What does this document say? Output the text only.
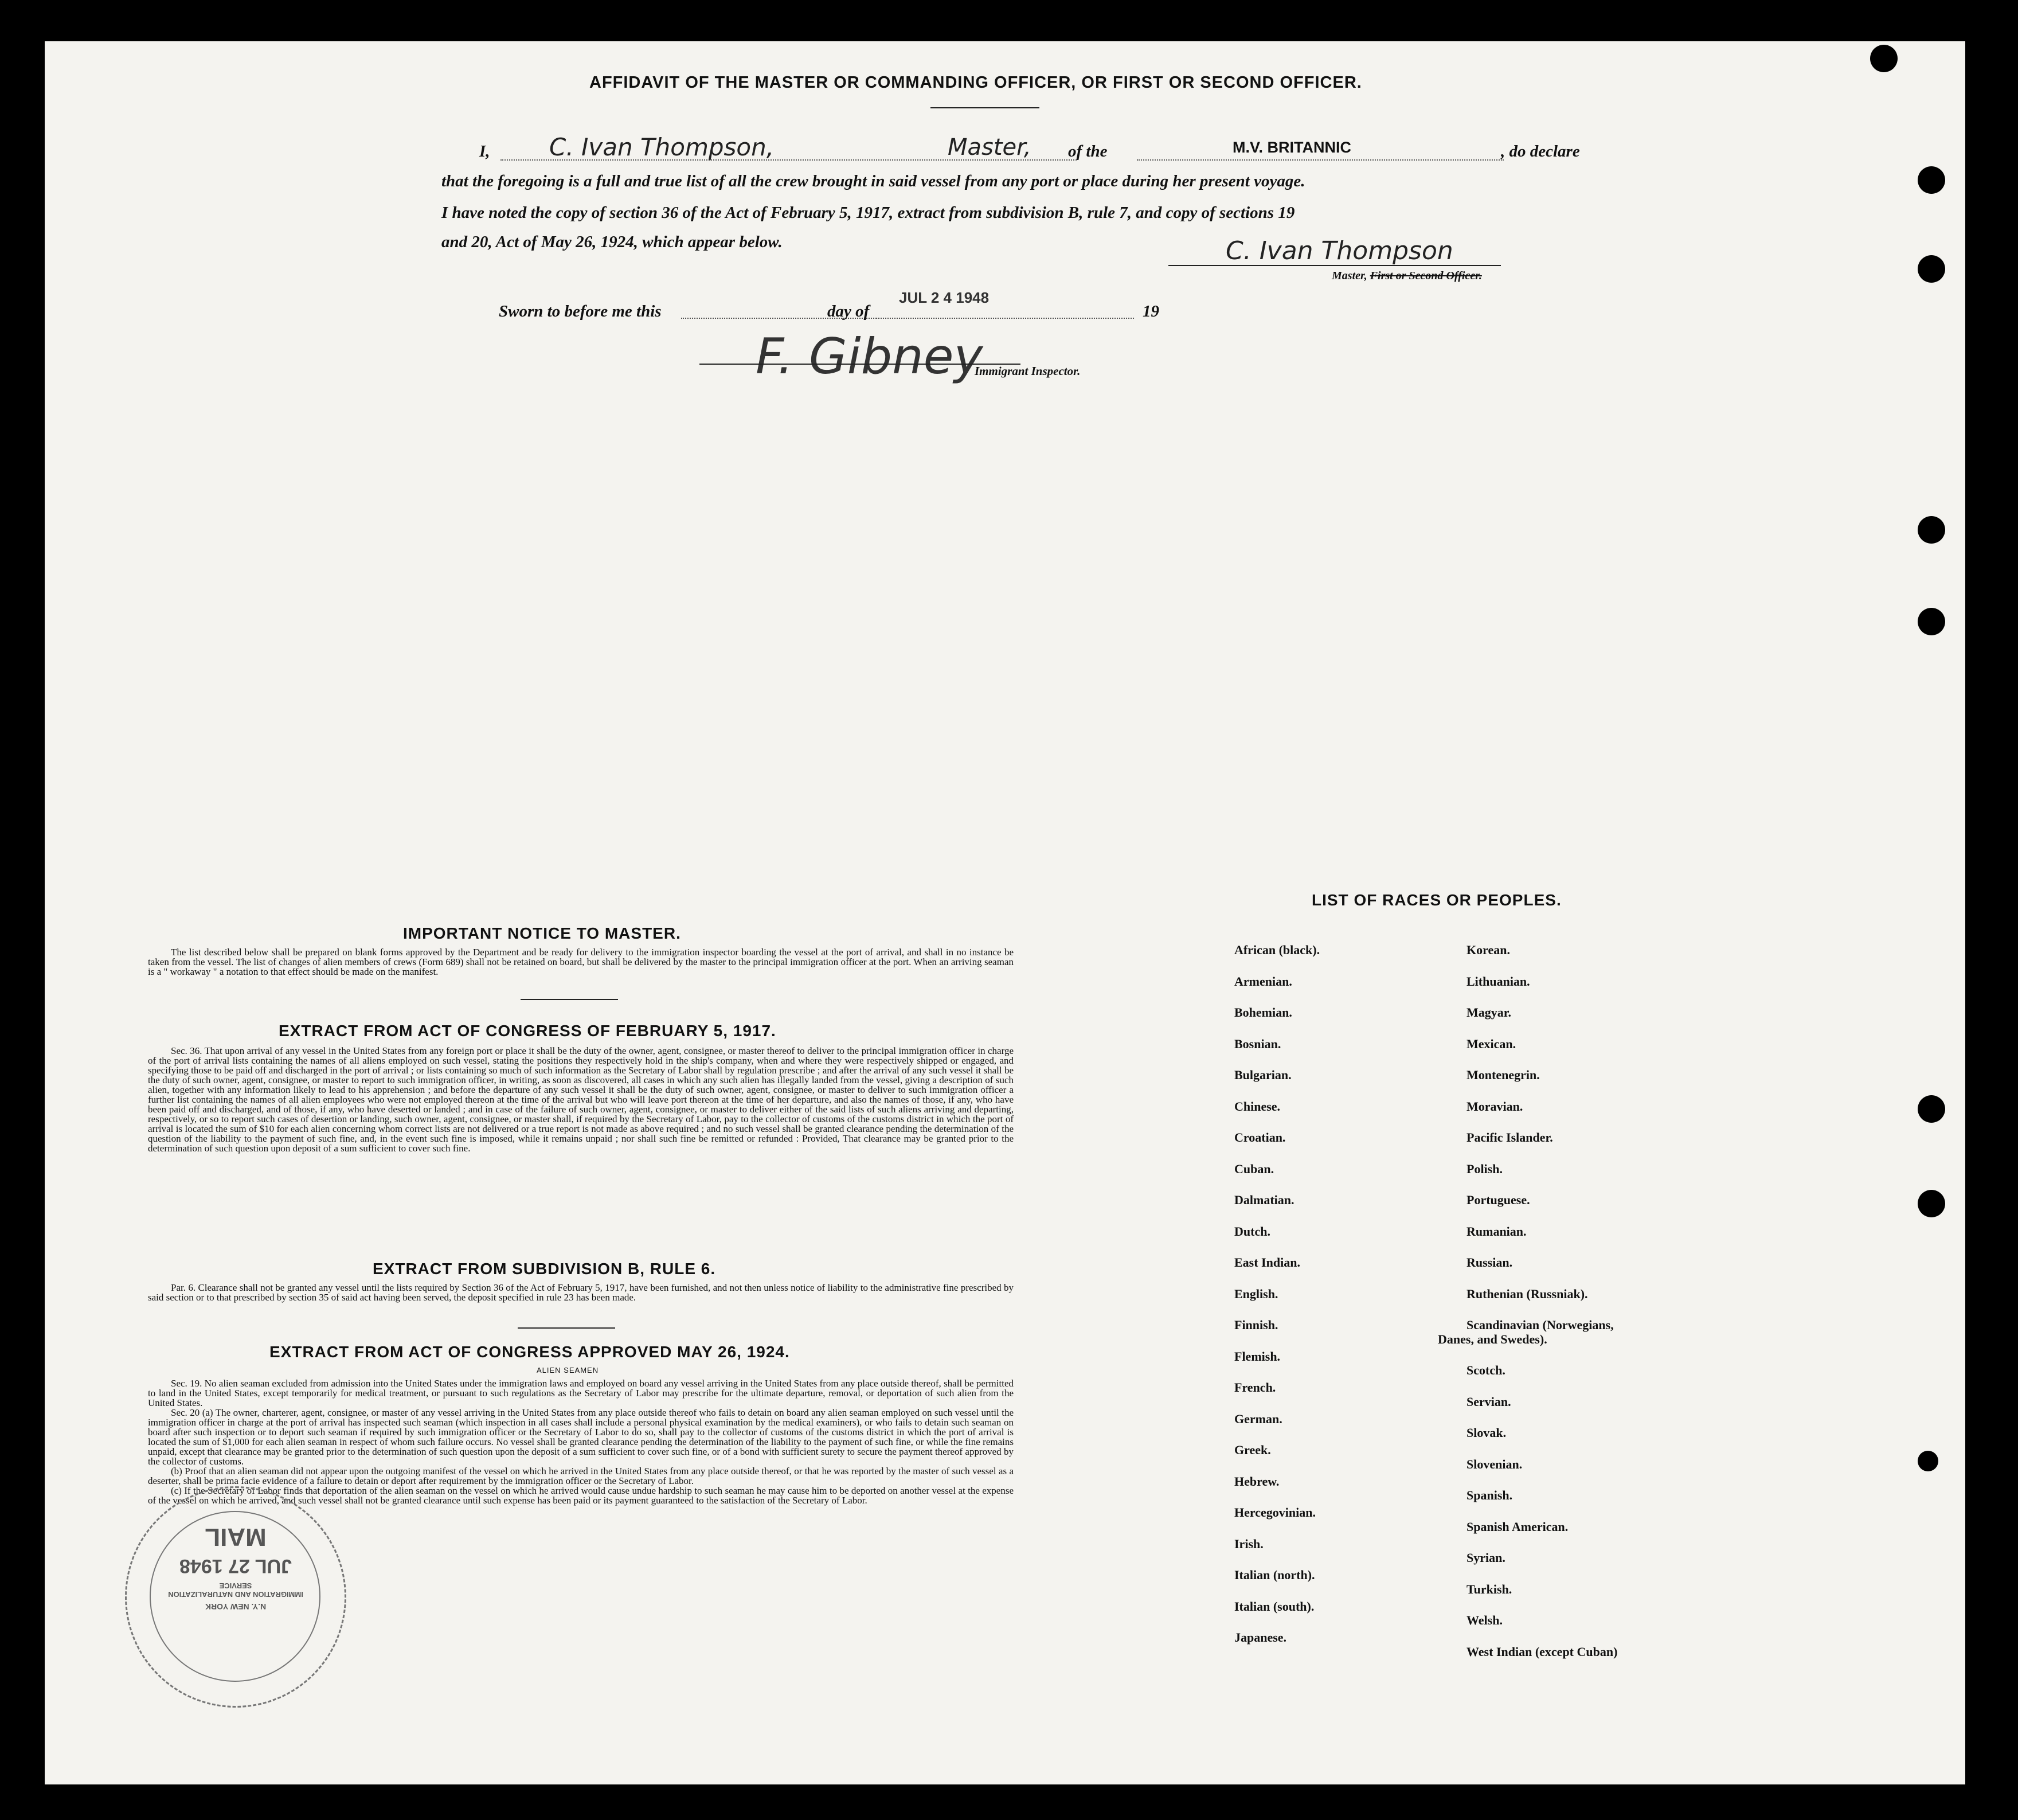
AFFIDAVIT OF THE MASTER OR COMMANDING OFFICER, OR FIRST OR SECOND OFFICER.
I, C. Ivan Thompson,	Master, of the	M.V. BRITANNIC	, do declare
that the foregoing is a full and true list of all the crew brought in said vessel from any port or place during her present voyage.
I have noted the copy of section 36 of the Act of February 5, 1917, extract from subdivision B, rule 7, and copy of sections 19
and 20, Act of May 26, 1924, which appear below.	C. Ivan Thompson
Master, First or Second Officer.
Sworn to before me this	day of
JUL 2 4 1948
19
F. Gibney
Immigrant Inspector.
IMPORTANT NOTICE TO MASTER.

The list described below shall be prepared on blank forms approved by the Department and be ready for delivery to the immigration inspector boarding the vessel at the port of arrival, and shall in no instance be taken from the vessel. The list of changes of alien members of crews (Form 689) shall not be retained on board, but shall be delivered by the master to the principal immigration officer at the port. When an arriving seaman is a " workaway " a notation to that effect should be made on the manifest.

EXTRACT FROM ACT OF CONGRESS OF FEBRUARY 5, 1917.

Sec. 36. That upon arrival of any vessel in the United States from any foreign port or place it shall be the duty of the owner, agent, consignee, or master thereof to deliver to the principal immigration officer in charge of the port of arrival lists containing the names of all aliens employed on such vessel, stating the positions they respectively hold in the ship's company, when and where they were respectively shipped or engaged, and specifying those to be paid off and discharged in the port of arrival ; or lists containing so much of such information as the Secretary of Labor shall by regulation prescribe ; and after the arrival of any such vessel it shall be the duty of such owner, agent, consignee, or master to report to such immigration officer, in writing, as soon as discovered, all cases in which any such alien has illegally landed from the vessel, giving a description of such alien, together with any information likely to lead to his apprehension ; and before the departure of any such vessel it shall be the duty of such owner, agent, consignee, or master to deliver to such immigration officer a further list containing the names of all alien employees who were not employed thereon at the time of the arrival but who will leave port thereon at the time of her departure, and also the names of those, if any, who have been paid off and discharged, and of those, if any, who have deserted or landed ; and in case of the failure of such owner, agent, consignee, or master to deliver either of the said lists of such aliens arriving and departing, respectively, or so to report such cases of desertion or landing, such owner, agent, consignee, or master shall, if required by the Secretary of Labor, pay to the collector of customs of the customs district in which the port of arrival is located the sum of $10 for each alien concerning whom correct lists are not delivered or a true report is not made as above required ; and no such vessel shall be granted clearance pending the determination of the question of the liability to the payment of such fine, and, in the event such fine is imposed, while it remains unpaid ; nor shall such fine be remitted or refunded : Provided, That clearance may be granted prior to the determination of such question upon deposit of a sum sufficient to cover such fine.

EXTRACT FROM SUBDIVISION B, RULE 6.

Par. 6. Clearance shall not be granted any vessel until the lists required by Section 36 of the Act of February 5, 1917, have been furnished, and not then unless notice of liability to the administrative fine prescribed by said section or to that prescribed by section 35 of said act having been served, the deposit specified in rule 23 has been made.

EXTRACT FROM ACT OF CONGRESS APPROVED MAY 26, 1924.
ALIEN SEAMEN

Sec. 19. No alien seaman excluded from admission into the United States under the immigration laws and employed on board any vessel arriving in the United States from any place outside thereof, shall be permitted to land in the United States, except temporarily for medical treatment, or pursuant to such regulations as the Secretary of Labor may prescribe for the ultimate departure, removal, or deportation of such alien from the United States.

Sec. 20 (a) The owner, charterer, agent, consignee, or master of any vessel arriving in the United States from any place outside thereof who fails to detain on board any alien seaman employed on such vessel until the immigration officer in charge at the port of arrival has inspected such seaman (which inspection in all cases shall include a personal physical examination by the medical examiners), or who fails to detain such seaman on board after such inspection or to deport such seaman if required by such immigration officer or the Secretary of Labor to do so, shall pay to the collector of customs of the customs district in which the port of arrival is located the sum of $1,000 for each alien seaman in respect of whom such failure occurs. No vessel shall be granted clearance pending the determination of the liability to the payment of such fine, or while the fine remains unpaid, except that clearance may be granted prior to the determination of such question upon the deposit of a sum sufficient to cover such fine, or of a bond with sufficient surety to secure the payment thereof approved by the collector of customs.

(b) Proof that an alien seaman did not appear upon the outgoing manifest of the vessel on which he arrived in the United States from any place outside thereof, or that he was reported by the master of such vessel as a deserter, shall be prima facie evidence of a failure to detain or deport after requirement by the immigration officer or the Secretary of Labor.

(c) If the Secretary of Labor finds that deportation of the alien seaman on the vessel on which he arrived would cause undue hardship to such seaman he may cause him to be deported on another vessel at the expense of the vessel on which he arrived, and such vessel shall not be granted clearance until such expense has been paid or its payment guaranteed to the satisfaction of the Secretary of Labor.

LIST OF RACES OR PEOPLES.
African (black).
Armenian.
Bohemian.
Bosnian.
Bulgarian.
Chinese.
Croatian.
Cuban.
Dalmatian.
Dutch.
East Indian.
English.
Finnish.
Flemish.
French.
German.
Greek.
Hebrew.
Hercegovinian.
Irish.
Italian (north).
Italian (south).
Japanese.
Korean.
Lithuanian.
Magyar.
Mexican.
Montenegrin.
Moravian.
Pacific Islander.
Polish.
Portuguese.
Rumanian.
Russian.
Ruthenian (Russniak).
Scandinavian (Norwegians,
Danes, and Swedes).
Scotch.
Servian.
Slovak.
Slovenian.
Spanish.
Spanish American.
Syrian.
Turkish.
Welsh.
West Indian (except Cuban)
N.Y. NEW YORK
IMMIGRATION AND NATURALIZATION SERVICE
JUL 27 1948
MAIL
